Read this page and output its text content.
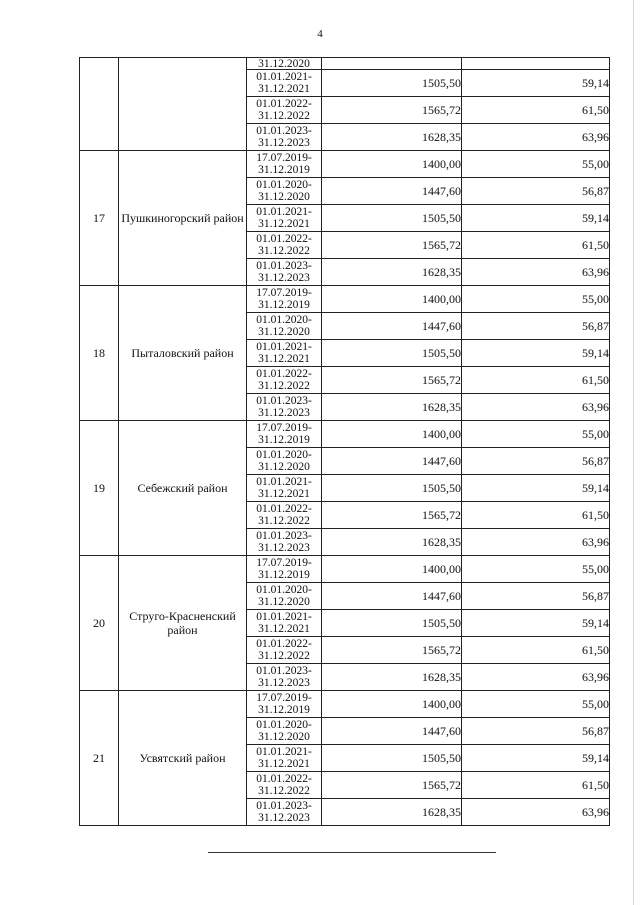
4
		31.12.2020		
		01.01.2021-31.12.2021	1505,50	59,14
		01.01.2022-31.12.2022	1565,72	61,50
		01.01.2023-31.12.2023	1628,35	63,96
17	Пушкиногорский район	17.07.2019-31.12.2019	1400,00	55,00
		01.01.2020-31.12.2020	1447,60	56,87
		01.01.2021-31.12.2021	1505,50	59,14
		01.01.2022-31.12.2022	1565,72	61,50
		01.01.2023-31.12.2023	1628,35	63,96
18	Пыталовский район	17.07.2019-31.12.2019	1400,00	55,00
		01.01.2020-31.12.2020	1447,60	56,87
		01.01.2021-31.12.2021	1505,50	59,14
		01.01.2022-31.12.2022	1565,72	61,50
		01.01.2023-31.12.2023	1628,35	63,96
19	Себежский район	17.07.2019-31.12.2019	1400,00	55,00
		01.01.2020-31.12.2020	1447,60	56,87
		01.01.2021-31.12.2021	1505,50	59,14
		01.01.2022-31.12.2022	1565,72	61,50
		01.01.2023-31.12.2023	1628,35	63,96
20	Струго-Красненский район	17.07.2019-31.12.2019	1400,00	55,00
		01.01.2020-31.12.2020	1447,60	56,87
		01.01.2021-31.12.2021	1505,50	59,14
		01.01.2022-31.12.2022	1565,72	61,50
		01.01.2023-31.12.2023	1628,35	63,96
21	Усвятский район	17.07.2019-31.12.2019	1400,00	55,00
		01.01.2020-31.12.2020	1447,60	56,87
		01.01.2021-31.12.2021	1505,50	59,14
		01.01.2022-31.12.2022	1565,72	61,50
		01.01.2023-31.12.2023	1628,35	63,96
